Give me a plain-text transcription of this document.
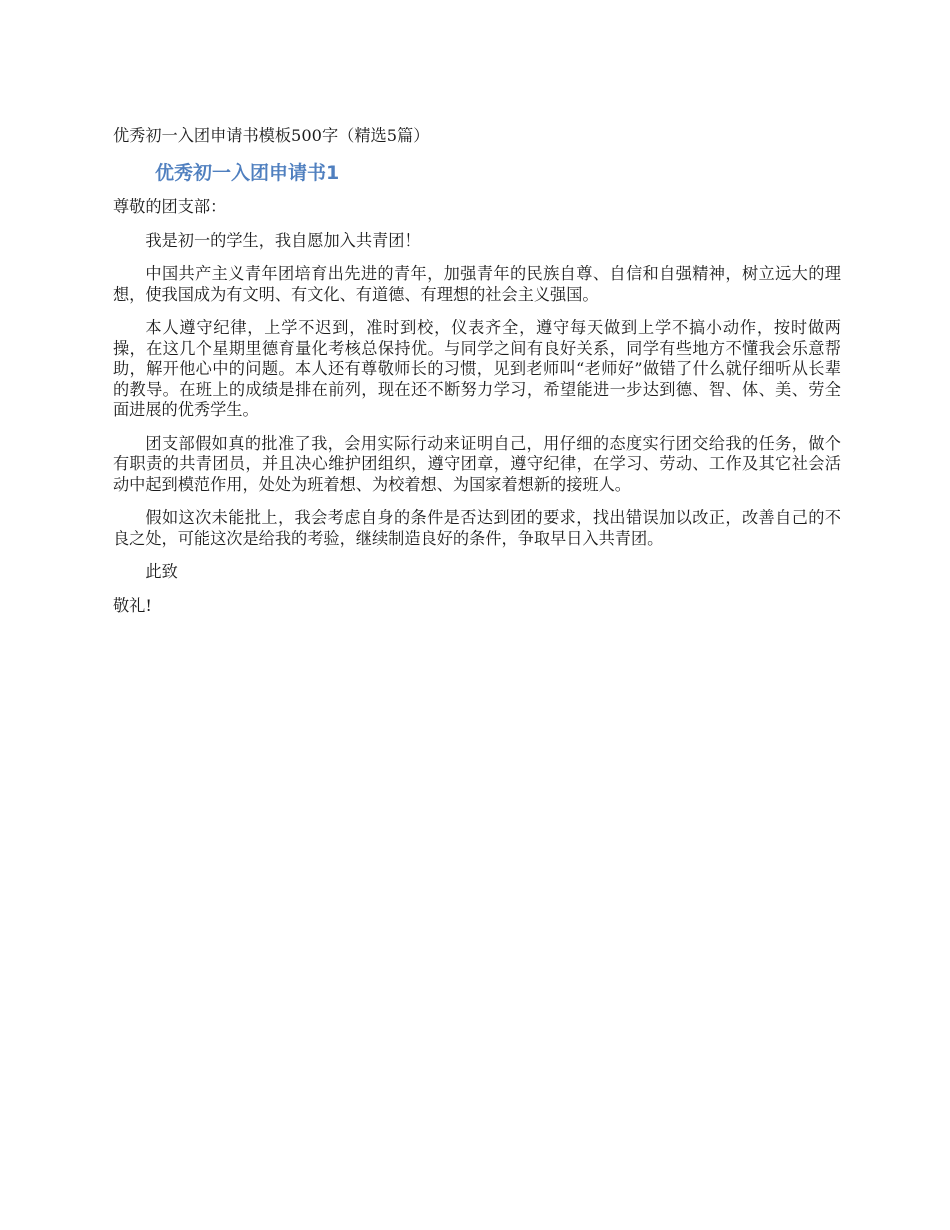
优秀初一入团申请书模板500字（精选5篇）

优秀初一入团申请书1

尊敬的团支部：

我是初一的学生，我自愿加入共青团！

中国共产主义青年团培育出先进的青年，加强青年的民族自尊、自信和自强精神，树立远大的理想，使我国成为有文明、有文化、有道德、有理想的社会主义强国。

本人遵守纪律，上学不迟到，准时到校，仪表齐全，遵守每天做到上学不搞小动作，按时做两操，在这几个星期里德育量化考核总保持优。与同学之间有良好关系，同学有些地方不懂我会乐意帮助，解开他心中的问题。本人还有尊敬师长的习惯，见到老师叫“老师好”做错了什么就仔细听从长辈的教导。在班上的成绩是排在前列，现在还不断努力学习，希望能进一步达到德、智、体、美、劳全面进展的优秀学生。

团支部假如真的批准了我，会用实际行动来证明自己，用仔细的态度实行团交给我的任务，做个有职责的共青团员，并且决心维护团组织，遵守团章，遵守纪律，在学习、劳动、工作及其它社会活动中起到模范作用，处处为班着想、为校着想、为国家着想新的接班人。

假如这次未能批上，我会考虑自身的条件是否达到团的要求，找出错误加以改正，改善自己的不良之处，可能这次是给我的考验，继续制造良好的条件，争取早日入共青团。

此致

敬礼!
